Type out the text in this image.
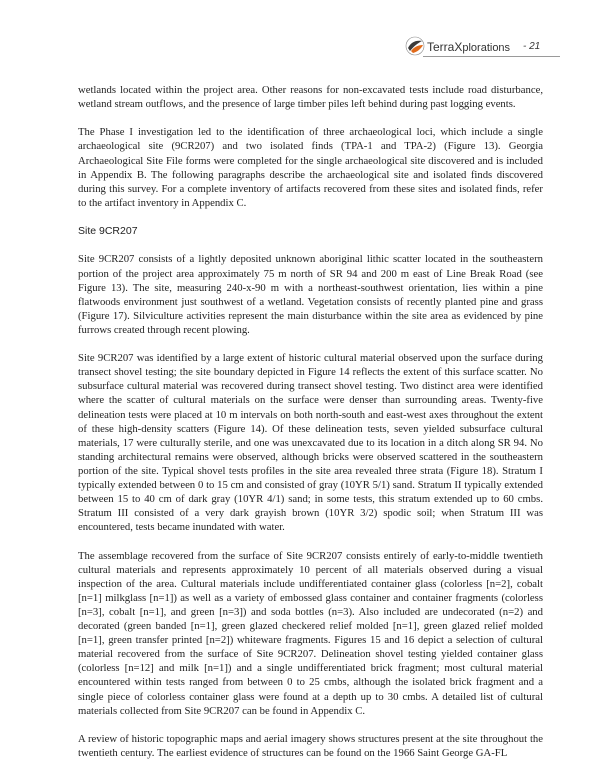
TerraXplorations - 21

wetlands located within the project area. Other reasons for non-excavated tests include road disturbance, wetland stream outflows, and the presence of large timber piles left behind during past logging events.

The Phase I investigation led to the identification of three archaeological loci, which include a single archaeological site (9CR207) and two isolated finds (TPA-1 and TPA-2) (Figure 13). Georgia Archaeological Site File forms were completed for the single archaeological site discovered and is included in Appendix B. The following paragraphs describe the archaeological site and isolated finds discovered during this survey. For a complete inventory of artifacts recovered from these sites and isolated finds, refer to the artifact inventory in Appendix C.

Site 9CR207

Site 9CR207 consists of a lightly deposited unknown aboriginal lithic scatter located in the southeastern portion of the project area approximately 75 m north of SR 94 and 200 m east of Line Break Road (see Figure 13). The site, measuring 240-x-90 m with a northeast-southwest orientation, lies within a pine flatwoods environment just southwest of a wetland. Vegetation consists of recently planted pine and grass (Figure 17). Silviculture activities represent the main disturbance within the site area as evidenced by pine furrows created through recent plowing.

Site 9CR207 was identified by a large extent of historic cultural material observed upon the surface during transect shovel testing; the site boundary depicted in Figure 14 reflects the extent of this surface scatter. No subsurface cultural material was recovered during transect shovel testing. Two distinct area were identified where the scatter of cultural materials on the surface were denser than surrounding areas. Twenty-five delineation tests were placed at 10 m intervals on both north-south and east-west axes throughout the extent of these high-density scatters (Figure 14). Of these delineation tests, seven yielded subsurface cultural materials, 17 were culturally sterile, and one was unexcavated due to its location in a ditch along SR 94. No standing architectural remains were observed, although bricks were observed scattered in the southeastern portion of the site. Typical shovel tests profiles in the site area revealed three strata (Figure 18). Stratum I typically extended between 0 to 15 cm and consisted of gray (10YR 5/1) sand. Stratum II typically extended between 15 to 40 cm of dark gray (10YR 4/1) sand; in some tests, this stratum extended up to 60 cmbs. Stratum III consisted of a very dark grayish brown (10YR 3/2) spodic soil; when Stratum III was encountered, tests became inundated with water.

The assemblage recovered from the surface of Site 9CR207 consists entirely of early-to-middle twentieth cultural materials and represents approximately 10 percent of all materials observed during a visual inspection of the area. Cultural materials include undifferentiated container glass (colorless [n=2], cobalt [n=1] milkglass [n=1]) as well as a variety of embossed glass container and container fragments (colorless [n=3], cobalt [n=1], and green [n=3]) and soda bottles (n=3). Also included are undecorated (n=2) and decorated (green banded [n=1], green glazed checkered relief molded [n=1], green glazed relief molded [n=1], green transfer printed [n=2]) whiteware fragments. Figures 15 and 16 depict a selection of cultural material recovered from the surface of Site 9CR207. Delineation shovel testing yielded container glass (colorless [n=12] and milk [n=1]) and a single undifferentiated brick fragment; most cultural material encountered within tests ranged from between 0 to 25 cmbs, although the isolated brick fragment and a single piece of colorless container glass were found at a depth up to 30 cmbs. A detailed list of cultural materials collected from Site 9CR207 can be found in Appendix C.

A review of historic topographic maps and aerial imagery shows structures present at the site throughout the twentieth century. The earliest evidence of structures can be found on the 1966 Saint George GA-FL
